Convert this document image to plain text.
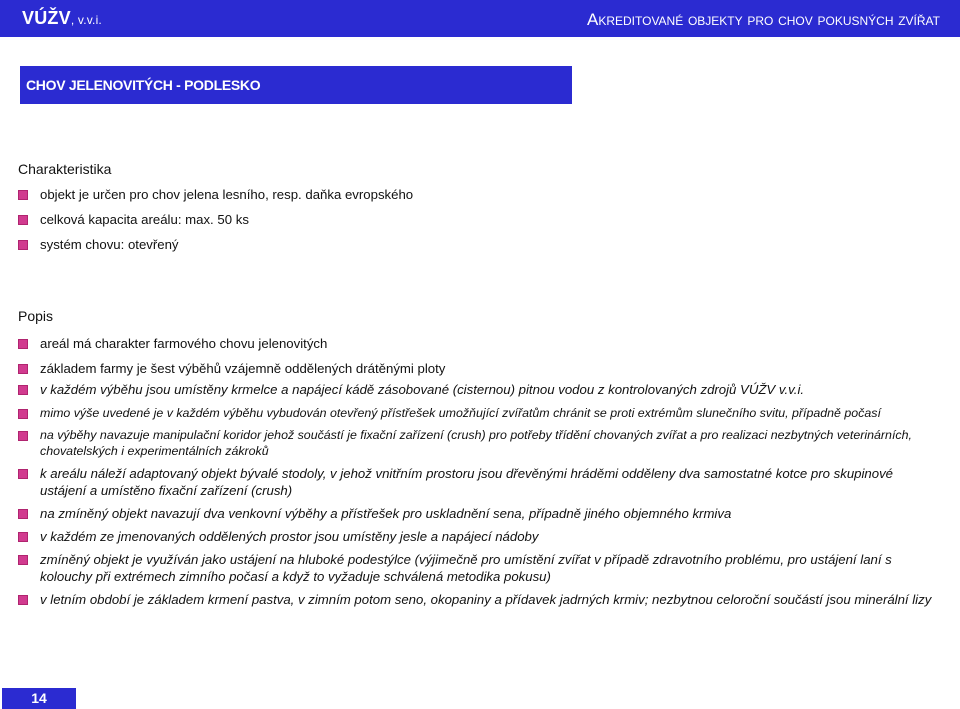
VÚŽV, v.v.i.	Akreditované objekty pro chov pokusných zvířat
CHOV JELENOVITÝCH - PODLESKO
Charakteristika
objekt je určen pro chov jelena lesního, resp. daňka evropského
celková kapacita areálu: max. 50 ks
systém chovu: otevřený
Popis
areál má charakter farmového chovu jelenovitých
základem farmy je šest výběhů vzájemně oddělených drátěnými ploty
v každém výběhu jsou umístěny krmelce a napájecí kádě zásobované (cisternou) pitnou vodou z kontrolovaných zdrojů VÚŽV v.v.i.
mimo výše uvedené je v každém výběhu vybudován otevřený přístřešek umožňující zvířatům chránit se proti extrémům slunečního svitu, případně počasí
na výběhy navazuje manipulační koridor jehož součástí je fixační zařízení (crush) pro potřeby třídění chovaných zvířat a pro realizaci nezbytných veterinárních, chovatelských i experimentálních zákroků
k areálu náleží adaptovaný objekt bývalé stodoly, v jehož vnitřním prostoru jsou dřevěnými hráděmi odděleny dva samostatné kotce pro skupinové ustájení a umístěno fixační zařízení (crush)
na zmíněný objekt navazují dva venkovní výběhy a přístřešek pro uskladnění sena, případně jiného objemného krmiva
v každém ze jmenovaných oddělených prostor jsou umístěny jesle a napájecí nádoby
zmíněný objekt je využíván jako ustájení na hluboké podestýlce (výjimečně pro umístění zvířat v případě zdravotního problému, pro ustájení laní s kolouchy při extrémech zimního počasí a když to vyžaduje schválená metodika pokusu)
v letním období je základem krmení pastva, v zimním potom seno, okopaniny a přídavek jadrných krmiv; nezbytnou celoroční součástí jsou minerální lizy
14
